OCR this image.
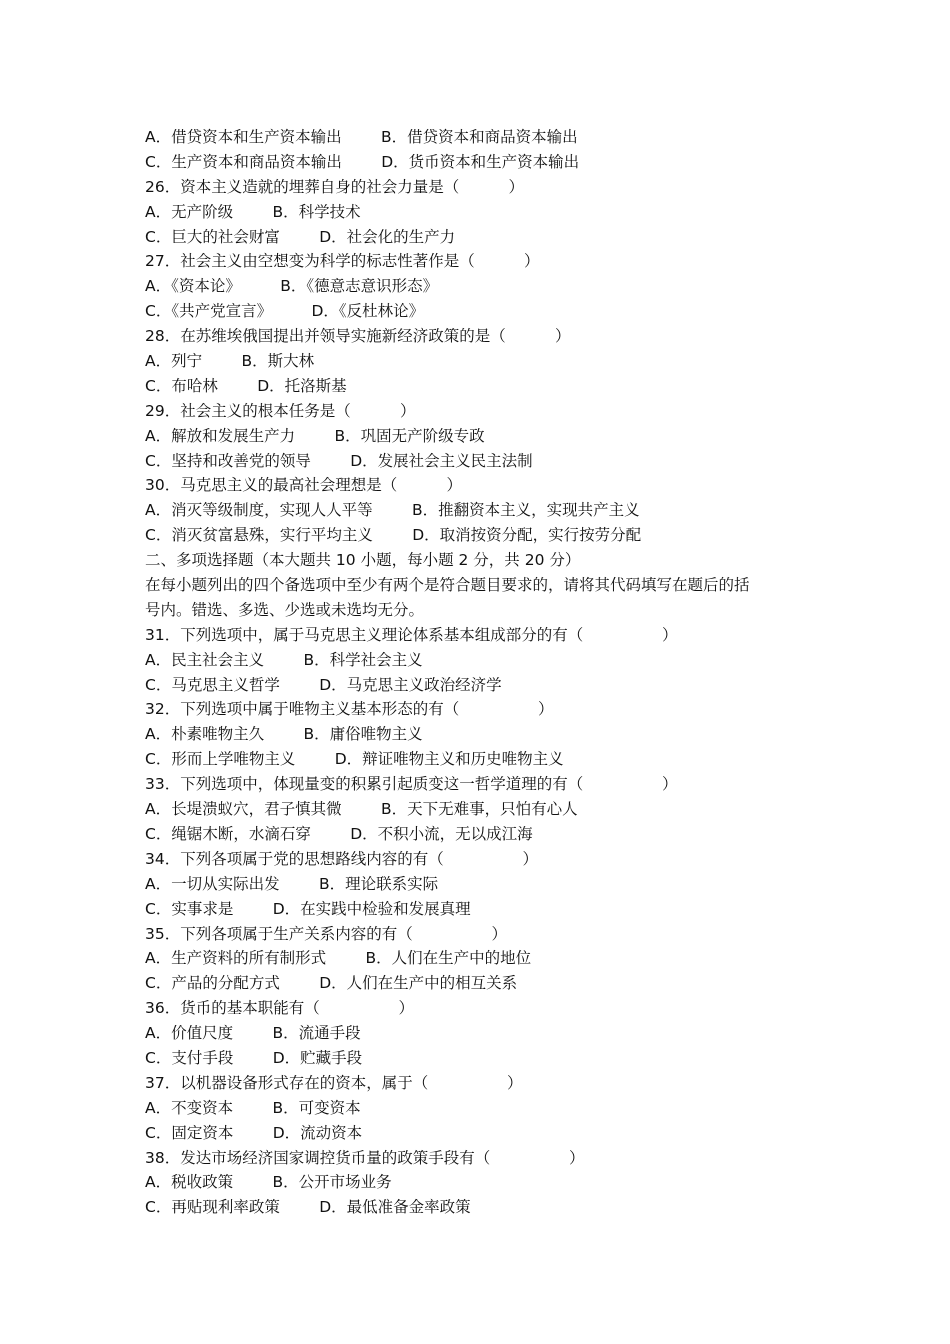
A．借贷资本和生产资本输出        B．借贷资本和商品资本输出
C．生产资本和商品资本输出        D．货币资本和生产资本输出
26．资本主义造就的埋葬自身的社会力量是（          ）
A．无产阶级        B．科学技术
C．巨大的社会财富        D．社会化的生产力
27．社会主义由空想变为科学的标志性著作是（          ）
A．《资本论》        B．《德意志意识形态》
C．《共产党宣言》        D．《反杜林论》
28．在苏维埃俄国提出并领导实施新经济政策的是（          ）
A．列宁        B．斯大林
C．布哈林        D．托洛斯基
29．社会主义的根本任务是（          ）
A．解放和发展生产力        B．巩固无产阶级专政
C．坚持和改善党的领导        D．发展社会主义民主法制
30．马克思主义的最高社会理想是（          ）
A．消灭等级制度，实现人人平等        B．推翻资本主义，实现共产主义
C．消灭贫富悬殊，实行平均主义        D．取消按资分配，实行按劳分配
二、多项选择题（本大题共 10 小题，每小题 2 分，共 20 分）
在每小题列出的四个备选项中至少有两个是符合题目要求的，请将其代码填写在题后的括
号内。错选、多选、少选或未选均无分。
31．下列选项中，属于马克思主义理论体系基本组成部分的有（                ）
A．民主社会主义        B．科学社会主义
C．马克思主义哲学        D．马克思主义政治经济学
32．下列选项中属于唯物主义基本形态的有（                ）
A．朴素唯物主久        B．庸俗唯物主义
C．形而上学唯物主义        D．辩证唯物主义和历史唯物主义
33．下列选项中，体现量变的积累引起质变这一哲学道理的有（                ）
A．长堤溃蚁穴，君子慎其微        B．天下无难事，只怕有心人
C．绳锯木断，水滴石穿        D．不积小流，无以成江海
34．下列各项属于党的思想路线内容的有（                ）
A．一切从实际出发        B．理论联系实际
C．实事求是        D．在实践中检验和发展真理
35．下列各项属于生产关系内容的有（                ）
A．生产资料的所有制形式        B．人们在生产中的地位
C．产品的分配方式        D．人们在生产中的相互关系
36．货币的基本职能有（                ）
A．价值尺度        B．流通手段
C．支付手段        D．贮藏手段
37．以机器设备形式存在的资本，属于（                ）
A．不变资本        B．可变资本
C．固定资本        D．流动资本
38．发达市场经济国家调控货币量的政策手段有（                ）
A．税收政策        B．公开市场业务
C．再贴现利率政策        D．最低准备金率政策
